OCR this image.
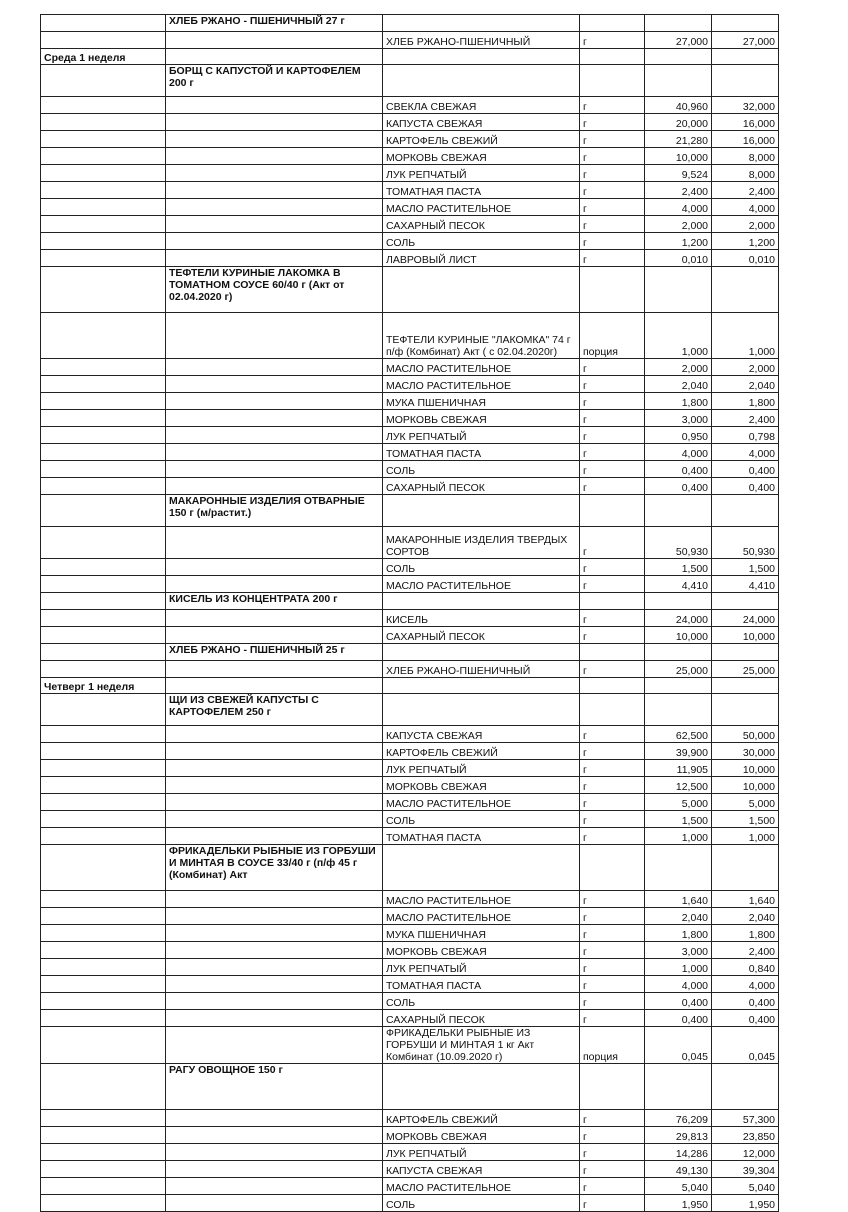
	ХЛЕБ РЖАНО - ПШЕНИЧНЫЙ 27 г				
		ХЛЕБ РЖАНО-ПШЕНИЧНЫЙ	г	27,000	27,000
Среда 1 неделя					
	БОРЩ С КАПУСТОЙ И КАРТОФЕЛЕМ 200 г				
		СВЕКЛА СВЕЖАЯ	г	40,960	32,000
		КАПУСТА СВЕЖАЯ	г	20,000	16,000
		КАРТОФЕЛЬ СВЕЖИЙ	г	21,280	16,000
		МОРКОВЬ СВЕЖАЯ	г	10,000	8,000
		ЛУК РЕПЧАТЫЙ	г	9,524	8,000
		ТОМАТНАЯ ПАСТА	г	2,400	2,400
		МАСЛО РАСТИТЕЛЬНОЕ	г	4,000	4,000
		САХАРНЫЙ ПЕСОК	г	2,000	2,000
		СОЛЬ	г	1,200	1,200
		ЛАВРОВЫЙ ЛИСТ	г	0,010	0,010
	ТЕФТЕЛИ КУРИНЫЕ ЛАКОМКА В ТОМАТНОМ СОУСЕ 60/40 г (Акт от 02.04.2020 г)				
		ТЕФТЕЛИ КУРИНЫЕ "ЛАКОМКА" 74 г п/ф (Комбинат) Акт ( с 02.04.2020г)	порция	1,000	1,000
		МАСЛО РАСТИТЕЛЬНОЕ	г	2,000	2,000
		МАСЛО РАСТИТЕЛЬНОЕ	г	2,040	2,040
		МУКА ПШЕНИЧНАЯ	г	1,800	1,800
		МОРКОВЬ СВЕЖАЯ	г	3,000	2,400
		ЛУК РЕПЧАТЫЙ	г	0,950	0,798
		ТОМАТНАЯ ПАСТА	г	4,000	4,000
		СОЛЬ	г	0,400	0,400
		САХАРНЫЙ ПЕСОК	г	0,400	0,400
	МАКАРОННЫЕ ИЗДЕЛИЯ ОТВАРНЫЕ 150 г (м/растит.)				
		МАКАРОННЫЕ ИЗДЕЛИЯ ТВЕРДЫХ СОРТОВ	г	50,930	50,930
		СОЛЬ	г	1,500	1,500
		МАСЛО РАСТИТЕЛЬНОЕ	г	4,410	4,410
	КИСЕЛЬ ИЗ КОНЦЕНТРАТА 200 г				
		КИСЕЛЬ	г	24,000	24,000
		САХАРНЫЙ ПЕСОК	г	10,000	10,000
	ХЛЕБ РЖАНО - ПШЕНИЧНЫЙ 25 г				
		ХЛЕБ РЖАНО-ПШЕНИЧНЫЙ	г	25,000	25,000
Четверг 1 неделя					
	ЩИ ИЗ СВЕЖЕЙ КАПУСТЫ С КАРТОФЕЛЕМ 250 г				
		КАПУСТА СВЕЖАЯ	г	62,500	50,000
		КАРТОФЕЛЬ СВЕЖИЙ	г	39,900	30,000
		ЛУК РЕПЧАТЫЙ	г	11,905	10,000
		МОРКОВЬ СВЕЖАЯ	г	12,500	10,000
		МАСЛО РАСТИТЕЛЬНОЕ	г	5,000	5,000
		СОЛЬ	г	1,500	1,500
		ТОМАТНАЯ ПАСТА	г	1,000	1,000
	ФРИКАДЕЛЬКИ РЫБНЫЕ ИЗ ГОРБУШИ И МИНТАЯ В СОУСЕ 33/40 г (п/ф 45 г (Комбинат) Акт				
		МАСЛО РАСТИТЕЛЬНОЕ	г	1,640	1,640
		МАСЛО РАСТИТЕЛЬНОЕ	г	2,040	2,040
		МУКА ПШЕНИЧНАЯ	г	1,800	1,800
		МОРКОВЬ СВЕЖАЯ	г	3,000	2,400
		ЛУК РЕПЧАТЫЙ	г	1,000	0,840
		ТОМАТНАЯ ПАСТА	г	4,000	4,000
		СОЛЬ	г	0,400	0,400
		САХАРНЫЙ ПЕСОК	г	0,400	0,400
		ФРИКАДЕЛЬКИ РЫБНЫЕ ИЗ ГОРБУШИ И МИНТАЯ 1 кг Акт Комбинат (10.09.2020 г)	порция	0,045	0,045
	РАГУ ОВОЩНОЕ 150 г				
		КАРТОФЕЛЬ СВЕЖИЙ	г	76,209	57,300
		МОРКОВЬ СВЕЖАЯ	г	29,813	23,850
		ЛУК РЕПЧАТЫЙ	г	14,286	12,000
		КАПУСТА СВЕЖАЯ	г	49,130	39,304
		МАСЛО РАСТИТЕЛЬНОЕ	г	5,040	5,040
		СОЛЬ	г	1,950	1,950
